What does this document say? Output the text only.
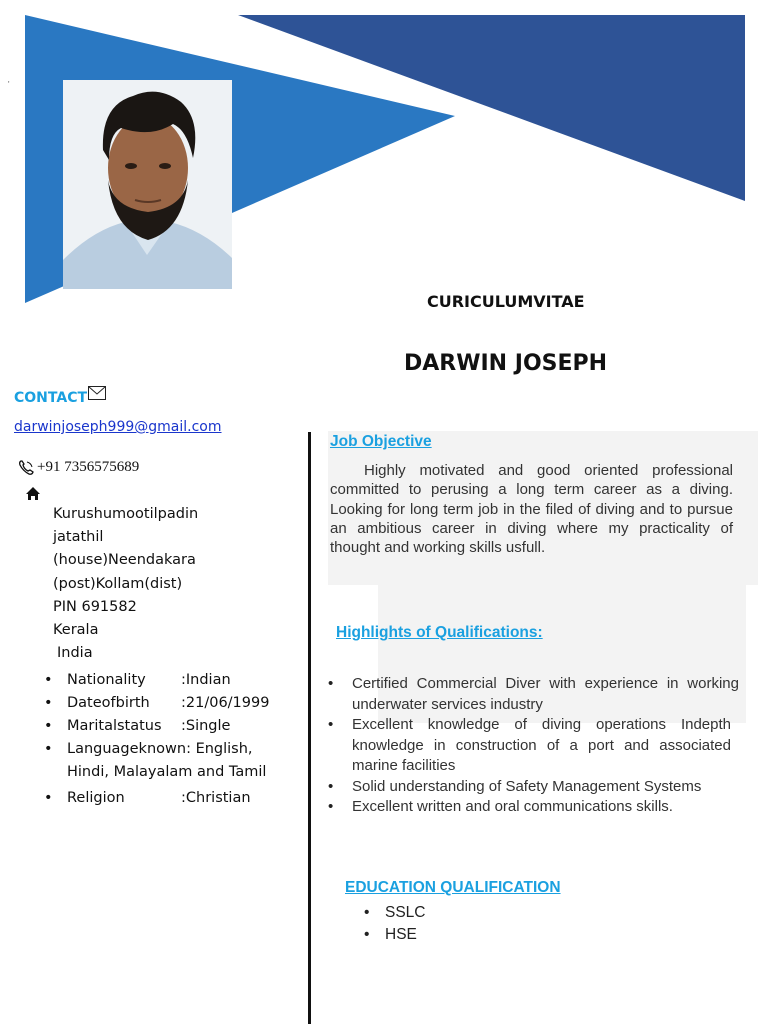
'
CURICULUMVITAE
DARWIN JOSEPH
CONTACT
darwinjoseph999@gmail.com
+91 7356575689
Kurushumootilpadin
jatathil
(house)Neendakara
(post)Kollam(dist)
PIN 691582
Kerala
India
• Nationality :Indian
• Dateofbirth :21/06/1999
• Maritalstatus :Single
• Languageknown: English, Hindi, Malayalam and Tamil
• Religion	:Christian
Job Objective

Highly motivated and good oriented professional committed to perusing a long term career as a diving. Looking for long term job in the filed of diving and to pursue an ambitious career in diving where my practicality of thought and working skills usfull.

Highlights of Qualifications:
• Certified Commercial Diver with experience in working underwater services industry
• Excellent knowledge of diving operations Indepth knowledge in construction of a port and associated marine facilities
• Solid understanding of Safety Management Systems
• Excellent written and oral communications skills.
EDUCATION QUALIFICATION
• SSLC
• HSE
